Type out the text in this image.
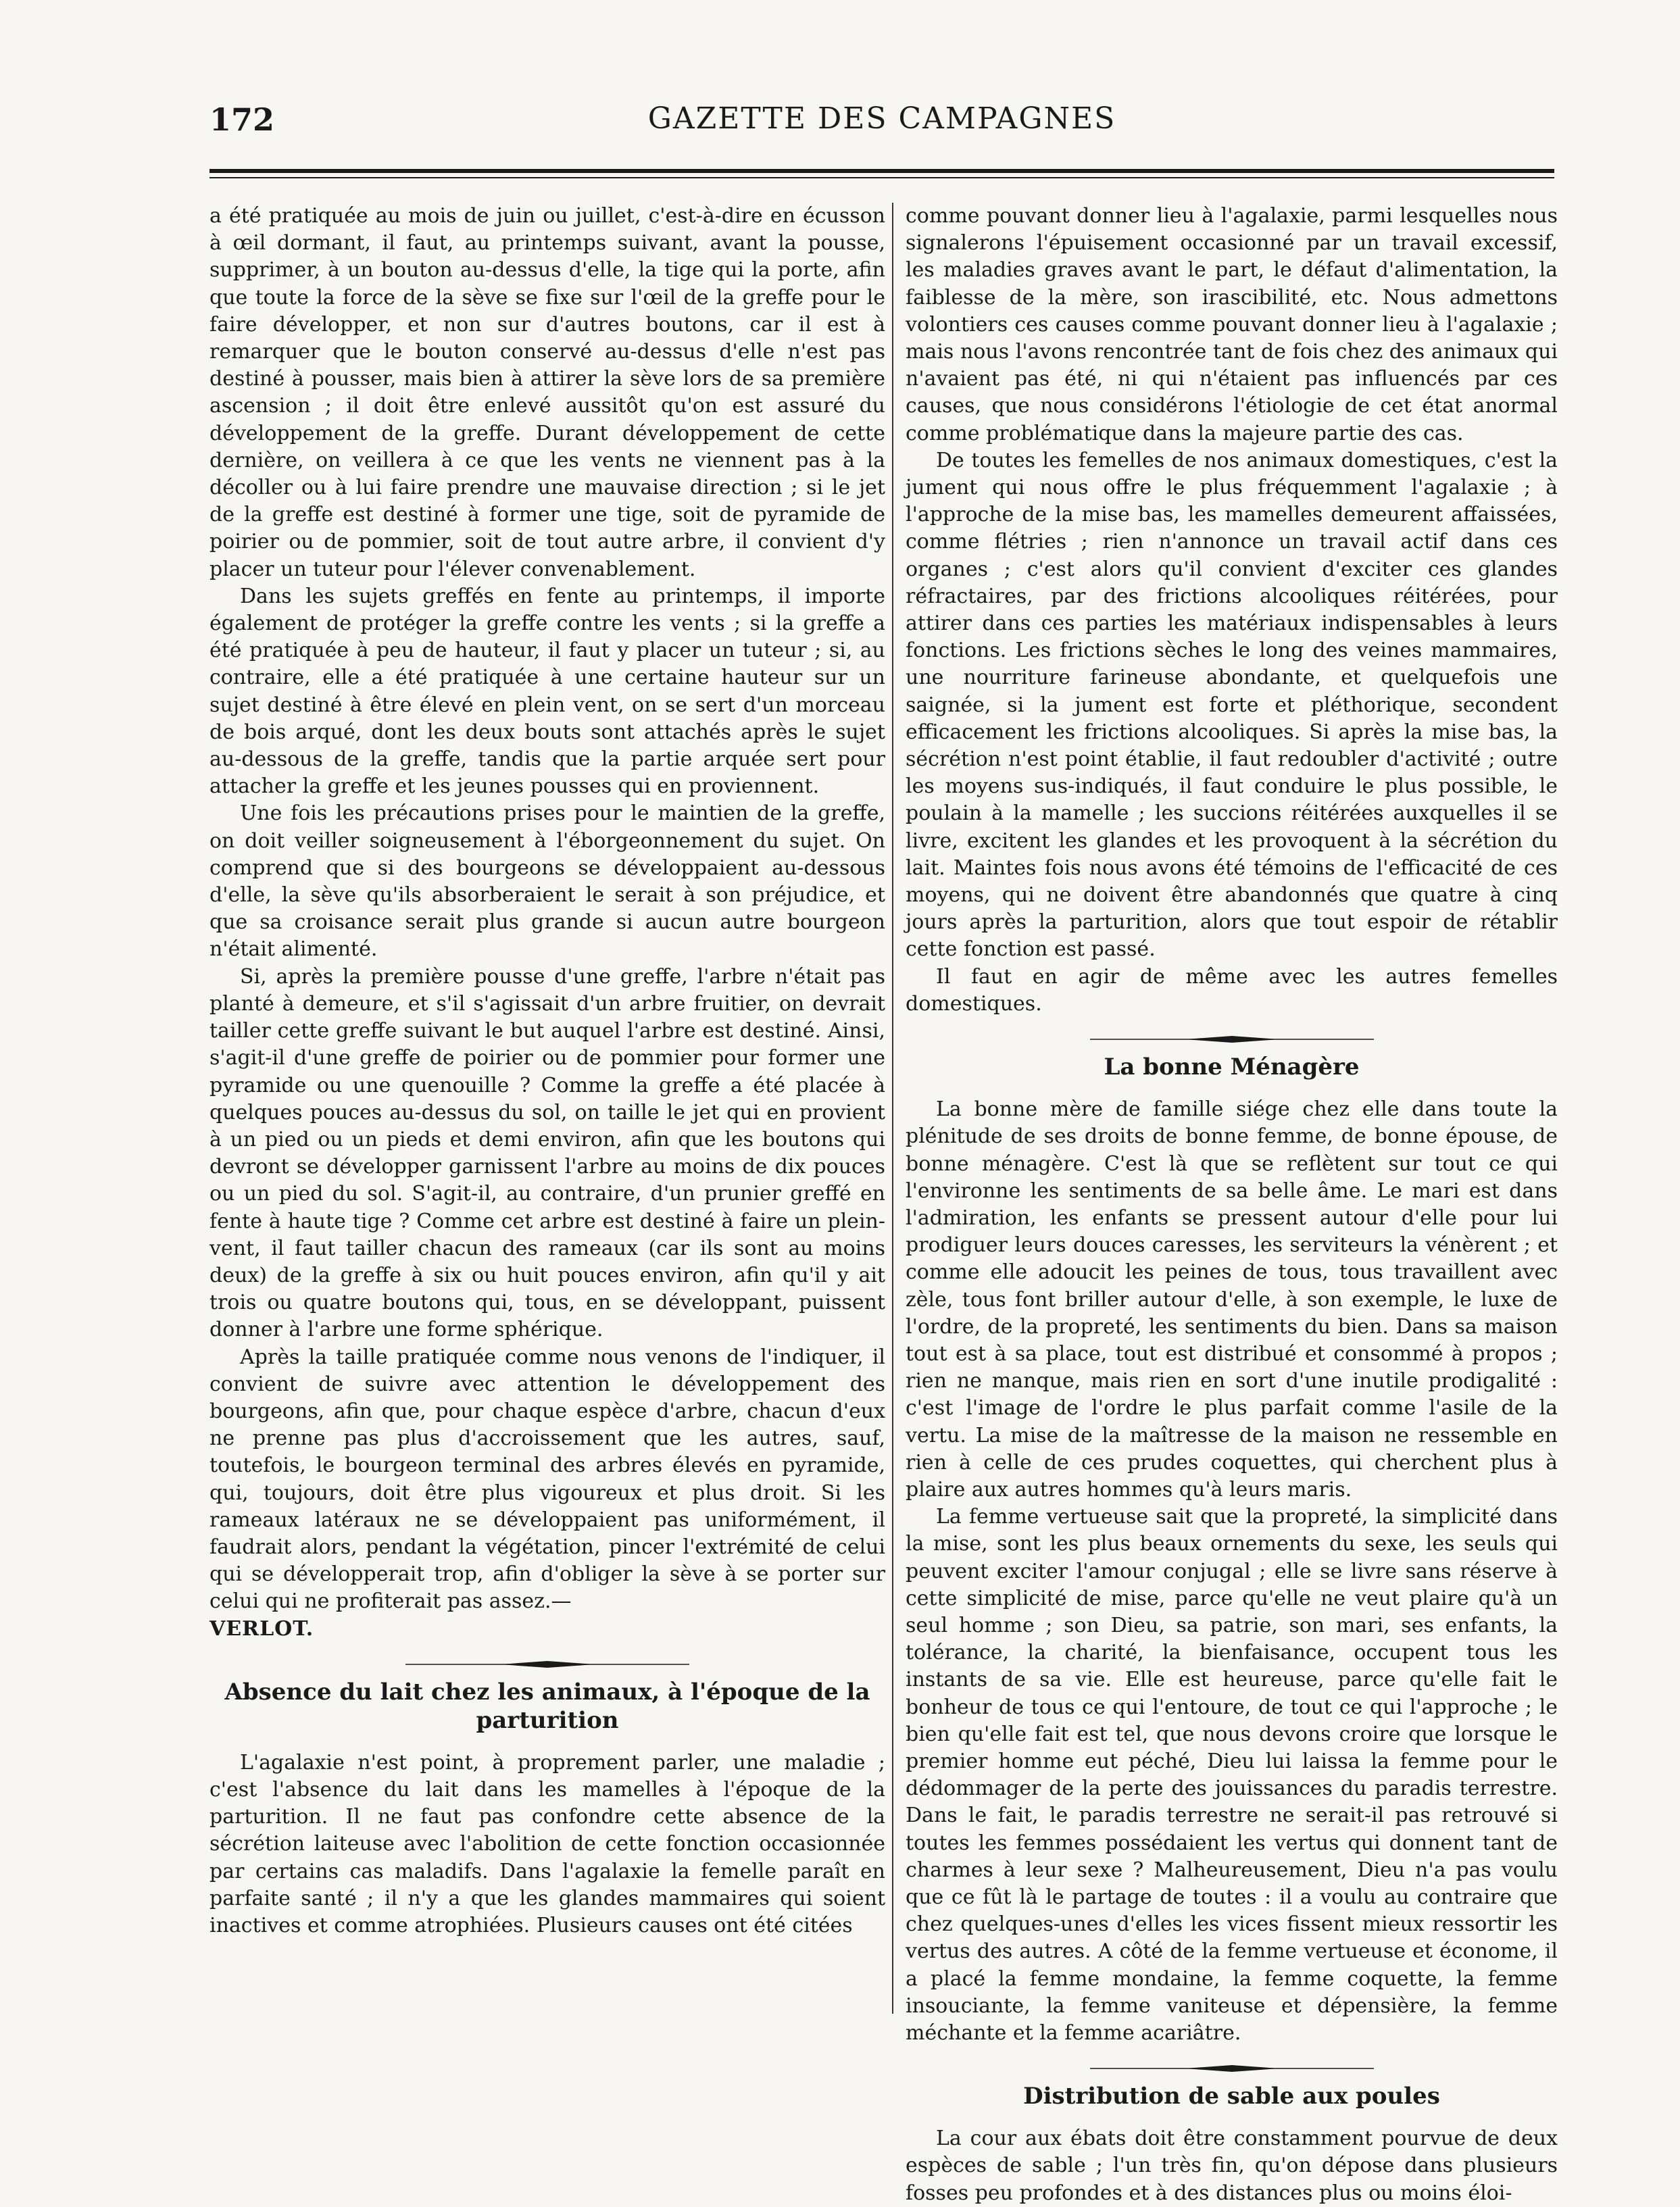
172	GAZETTE DES CAMPAGNES

a été pratiquée au mois de juin ou juillet, c'est-à-dire en écusson à œil dormant, il faut, au printemps suivant, avant la pousse, supprimer, à un bouton au-dessus d'elle, la tige qui la porte, afin que toute la force de la sève se fixe sur l'œil de la greffe pour le faire développer, et non sur d'autres boutons, car il est à remarquer que le bouton conservé au-dessus d'elle n'est pas destiné à pousser, mais bien à attirer la sève lors de sa première ascension ; il doit être enlevé aussitôt qu'on est assuré du développement de la greffe. Durant développement de cette dernière, on veillera à ce que les vents ne viennent pas à la décoller ou à lui faire prendre une mauvaise direction ; si le jet de la greffe est destiné à former une tige, soit de pyramide de poirier ou de pommier, soit de tout autre arbre, il convient d'y placer un tuteur pour l'élever convenablement.

Dans les sujets greffés en fente au printemps, il importe également de protéger la greffe contre les vents ; si la greffe a été pratiquée à peu de hauteur, il faut y placer un tuteur ; si, au contraire, elle a été pratiquée à une certaine hauteur sur un sujet destiné à être élevé en plein vent, on se sert d'un morceau de bois arqué, dont les deux bouts sont attachés après le sujet au-dessous de la greffe, tandis que la partie arquée sert pour attacher la greffe et les jeunes pousses qui en proviennent.

Une fois les précautions prises pour le maintien de la greffe, on doit veiller soigneusement à l'éborgeonnement du sujet. On comprend que si des bourgeons se développaient au-dessous d'elle, la sève qu'ils absorberaient le serait à son préjudice, et que sa croisance serait plus grande si aucun autre bourgeon n'était alimenté.

Si, après la première pousse d'une greffe, l'arbre n'était pas planté à demeure, et s'il s'agissait d'un arbre fruitier, on devrait tailler cette greffe suivant le but auquel l'arbre est destiné. Ainsi, s'agit-il d'une greffe de poirier ou de pommier pour former une pyramide ou une quenouille ? Comme la greffe a été placée à quelques pouces au-dessus du sol, on taille le jet qui en provient à un pied ou un pieds et demi environ, afin que les boutons qui devront se développer garnissent l'arbre au moins de dix pouces ou un pied du sol. S'agit-il, au contraire, d'un prunier greffé en fente à haute tige ? Comme cet arbre est destiné à faire un plein-vent, il faut tailler chacun des rameaux (car ils sont au moins deux) de la greffe à six ou huit pouces environ, afin qu'il y ait trois ou quatre boutons qui, tous, en se développant, puissent donner à l'arbre une forme sphérique.

Après la taille pratiquée comme nous venons de l'indiquer, il convient de suivre avec attention le développement des bourgeons, afin que, pour chaque espèce d'arbre, chacun d'eux ne prenne pas plus d'accroissement que les autres, sauf, toutefois, le bourgeon terminal des arbres élevés en pyramide, qui, toujours, doit être plus vigoureux et plus droit. Si les rameaux latéraux ne se développaient pas uniformément, il faudrait alors, pendant la végétation, pincer l'extrémité de celui qui se développerait trop, afin d'obliger la sève à se porter sur celui qui ne profiterait pas assez.—

VERLOT.

Absence du lait chez les animaux, à l'époque de la parturition

L'agalaxie n'est point, à proprement parler, une maladie ; c'est l'absence du lait dans les mamelles à l'époque de la parturition. Il ne faut pas confondre cette absence de la sécrétion laiteuse avec l'abolition de cette fonction occasionnée par certains cas maladifs. Dans l'agalaxie la femelle paraît en parfaite santé ; il n'y a que les glandes mammaires qui soient inactives et comme atrophiées. Plusieurs causes ont été citées

comme pouvant donner lieu à l'agalaxie, parmi lesquelles nous signalerons l'épuisement occasionné par un travail excessif, les maladies graves avant le part, le défaut d'alimentation, la faiblesse de la mère, son irascibilité, etc. Nous admettons volontiers ces causes comme pouvant donner lieu à l'agalaxie ; mais nous l'avons rencontrée tant de fois chez des animaux qui n'avaient pas été, ni qui n'étaient pas influencés par ces causes, que nous considérons l'étiologie de cet état anormal comme problématique dans la majeure partie des cas.

De toutes les femelles de nos animaux domestiques, c'est la jument qui nous offre le plus fréquemment l'agalaxie ; à l'approche de la mise bas, les mamelles demeurent affaissées, comme flétries ; rien n'annonce un travail actif dans ces organes ; c'est alors qu'il convient d'exciter ces glandes réfractaires, par des frictions alcooliques réitérées, pour attirer dans ces parties les matériaux indispensables à leurs fonctions. Les frictions sèches le long des veines mammaires, une nourriture farineuse abondante, et quelquefois une saignée, si la jument est forte et pléthorique, secondent efficacement les frictions alcooliques. Si après la mise bas, la sécrétion n'est point établie, il faut redoubler d'activité ; outre les moyens sus-indiqués, il faut conduire le plus possible, le poulain à la mamelle ; les succions réitérées auxquelles il se livre, excitent les glandes et les provoquent à la sécrétion du lait. Maintes fois nous avons été témoins de l'efficacité de ces moyens, qui ne doivent être abandonnés que quatre à cinq jours après la parturition, alors que tout espoir de rétablir cette fonction est passé.

Il faut en agir de même avec les autres femelles domestiques.

La bonne Ménagère

La bonne mère de famille siége chez elle dans toute la plénitude de ses droits de bonne femme, de bonne épouse, de bonne ménagère. C'est là que se reflètent sur tout ce qui l'environne les sentiments de sa belle âme. Le mari est dans l'admiration, les enfants se pressent autour d'elle pour lui prodiguer leurs douces caresses, les serviteurs la vénèrent ; et comme elle adoucit les peines de tous, tous travaillent avec zèle, tous font briller autour d'elle, à son exemple, le luxe de l'ordre, de la propreté, les sentiments du bien. Dans sa maison tout est à sa place, tout est distribué et consommé à propos ; rien ne manque, mais rien en sort d'une inutile prodigalité : c'est l'image de l'ordre le plus parfait comme l'asile de la vertu. La mise de la maîtresse de la maison ne ressemble en rien à celle de ces prudes coquettes, qui cherchent plus à plaire aux autres hommes qu'à leurs maris.

La femme vertueuse sait que la propreté, la simplicité dans la mise, sont les plus beaux ornements du sexe, les seuls qui peuvent exciter l'amour conjugal ; elle se livre sans réserve à cette simplicité de mise, parce qu'elle ne veut plaire qu'à un seul homme ; son Dieu, sa patrie, son mari, ses enfants, la tolérance, la charité, la bienfaisance, occupent tous les instants de sa vie. Elle est heureuse, parce qu'elle fait le bonheur de tous ce qui l'entoure, de tout ce qui l'approche ; le bien qu'elle fait est tel, que nous devons croire que lorsque le premier homme eut péché, Dieu lui laissa la femme pour le dédommager de la perte des jouissances du paradis terrestre. Dans le fait, le paradis terrestre ne serait-il pas retrouvé si toutes les femmes possédaient les vertus qui donnent tant de charmes à leur sexe ? Malheureusement, Dieu n'a pas voulu que ce fût là le partage de toutes : il a voulu au contraire que chez quelques-unes d'elles les vices fissent mieux ressortir les vertus des autres. A côté de la femme vertueuse et économe, il a placé la femme mondaine, la femme coquette, la femme insouciante, la femme vaniteuse et dépensière, la femme méchante et la femme acariâtre.

Distribution de sable aux poules

La cour aux ébats doit être constamment pourvue de deux espèces de sable ; l'un très fin, qu'on dépose dans plusieurs fosses peu profondes et à des distances plus ou moins éloi-
